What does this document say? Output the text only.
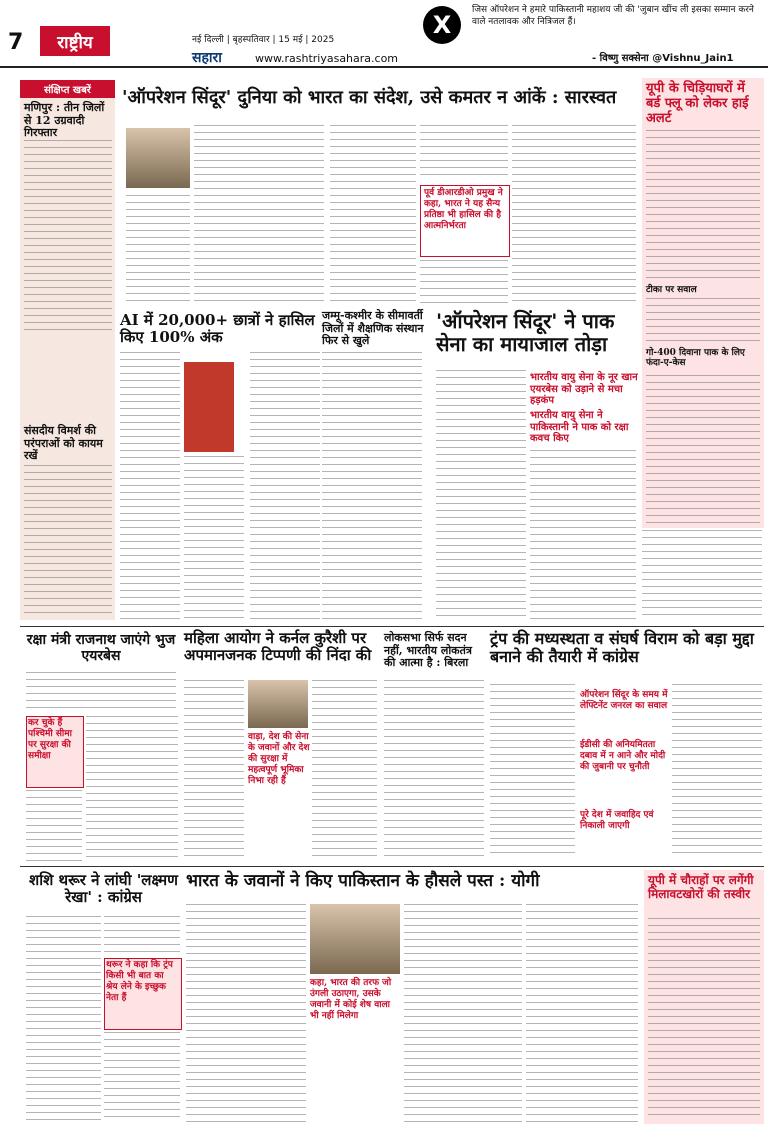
7	राष्ट्रीय	नई दिल्ली | बृहस्पतिवार | 15 मई | 2025
सहारा	www.rashtriyasahara.com
X
जिस ऑपरेशन ने हमारे पाकिस्तानी महाशय जी की 'जुबान खींच ली इसका सम्मान करने वाले नतलावक और नित्रिजल हैं।
- विष्णु सक्सेना @Vishnu_Jain1
संक्षिप्त खबरें
मणिपुर : तीन जिलों से 12 उग्रवादी गिरफ्तार
संसदीय विमर्श की परंपराओं को कायम रखें
'ऑपरेशन सिंदूर' दुनिया को भारत का संदेश, उसे कमतर न आंकें : सारस्वत
पूर्व डीआरडीओ प्रमुख ने कहा, भारत ने यह सैन्य प्रतिष्ठा भी हासिल की है आत्मनिर्भरता
यूपी के चिड़ियाघरों में बर्ड फ्लू को लेकर हाई अलर्ट
टीका पर सवाल
गो-400 दिवाना पाक के लिए फंदा-ए-केस
AI में 20,000+ छात्रों ने हासिल किए 100% अंक
जम्मू-कश्मीर के सीमावर्ती जिलों में शैक्षणिक संस्थान फिर से खुले
'ऑपरेशन सिंदूर' ने पाक सेना का मायाजाल तोड़ा
भारतीय वायु सेना के नूर खान एयरबेस को उड़ाने से मचा हड़कंप
भारतीय वायु सेना ने पाकिस्तानी ने पाक को रक्षा कवच किए
रक्षा मंत्री राजनाथ जाएंगे भुज एयरबेस
कर चुके हैं पश्चिमी सीमा पर सुरक्षा की समीक्षा
महिला आयोग ने कर्नल कुरैशी पर अपमानजनक टिप्पणी की निंदा की
वाड़ा, देश की सेना के जवानों और देश की सुरक्षा में महत्वपूर्ण भूमिका निभा रही हैं
लोकसभा सिर्फ सदन नहीं, भारतीय लोकतंत्र की आत्मा है : बिरला
ट्रंप की मध्यस्थता व संघर्ष विराम को बड़ा मुद्दा बनाने की तैयारी में कांग्रेस
ऑपरेशन सिंदूर के समय में लेफ्टिनेंट जनरल का सवाल
ईडीसी की अनियमितता दबाव में न आने और मोदी की जुबानी पर चुनौती
पूरे देश में जवाहिद एवं निकाली जाएगी
शशि थरूर ने लांघी 'लक्ष्मण रेखा' : कांग्रेस
थरूर ने कहा कि ट्रंप किसी भी बात का श्रेय लेने के इच्छुक नेता हैं
भारत के जवानों ने किए पाकिस्तान के हौसले पस्त : योगी
कहा, भारत की तरफ जो उंगली उठाएगा, उसके जवानी में कोई शेष वाला भी नहीं मिलेगा
यूपी में चौराहों पर लगेंगी मिलावटखोरों की तस्वीर
